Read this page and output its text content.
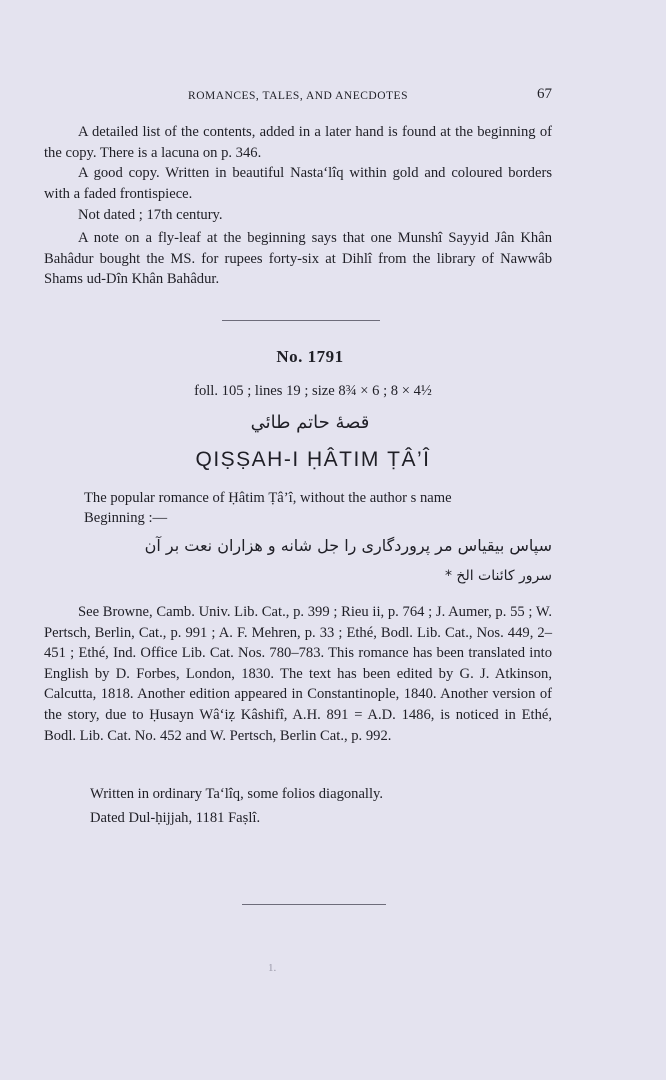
ROMANCES, TALES, AND ANECDOTES	67

A detailed list of the contents, added in a later hand is found at the beginning of the copy. There is a lacuna on p. 346.

A good copy. Written in beautiful Nasta‘lîq within gold and coloured borders with a faded frontispiece.

Not dated ; 17th century.

A note on a fly-leaf at the beginning says that one Munshî Sayyid Jân Khân Bahâdur bought the MS. for rupees forty-six at Dihlî from the library of Nawwâb Shams ud-Dîn Khân Bahâdur.

No. 1791
foll. 105 ; lines 19 ; size 8¾ × 6 ; 8 × 4½
قصهٔ حاتم طائي
QIṢṢAH-I ḤÂTIM ṬÂ’Î
The popular romance of Ḥâtim Ṭâ’î, without the author s name
Beginning :—
سپاس بیقیاس مر پروردگاری را جل شانه و هزاران نعت بر آن
سرور کائنات الخ *

See Browne, Camb. Univ. Lib. Cat., p. 399 ; Rieu ii, p. 764 ; J. Aumer, p. 55 ; W. Pertsch, Berlin, Cat., p. 991 ; A. F. Mehren, p. 33 ; Ethé, Bodl. Lib. Cat., Nos. 449, 2–451 ; Ethé, Ind. Office Lib. Cat. Nos. 780–783. This romance has been translated into English by D. Forbes, London, 1830. The text has been edited by G. J. Atkinson, Calcutta, 1818. Another edition appeared in Constantinople, 1840. Another version of the story, due to Ḥusayn Wâ‘iẓ Kâshifî, A.H. 891 = A.D. 1486, is noticed in Ethé, Bodl. Lib. Cat. No. 452 and W. Pertsch, Berlin Cat., p. 992.

Written in ordinary Ta‘lîq, some folios diagonally.

Dated Dul-ḥijjah, 1181 Faṣlî.

1.
